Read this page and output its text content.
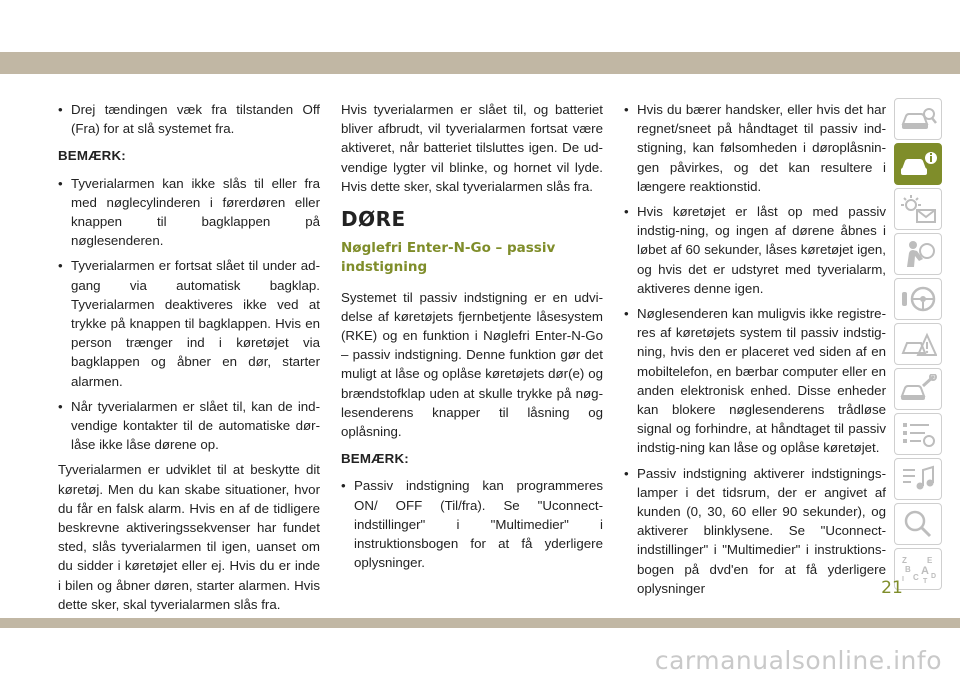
• Drej tændingen væk fra tilstanden Off (Fra) for at slå systemet fra.

BEMÆRK:

• Tyverialarmen kan ikke slås til eller fra med nøglecylinderen i førerdøren eller knappen til bagklappen på nøglesenderen.

• Tyverialarmen er fortsat slået til under ad-gang via automatisk bagklap. Tyverialarmen deaktiveres ikke ved at trykke på knappen til bagklappen. Hvis en person trænger ind i køretøjet via bagklappen og åbner en dør, starter alarmen.

• Når tyverialarmen er slået til, kan de ind-vendige kontakter til de automatiske dør-låse ikke låse dørene op.

Tyverialarmen er udviklet til at beskytte dit køretøj. Men du kan skabe situationer, hvor du får en falsk alarm. Hvis en af de tidligere beskrevne aktiveringssekvenser har fundet sted, slås tyverialarmen til igen, uanset om du sidder i køretøjet eller ej. Hvis du er inde i bilen og åbner døren, starter alarmen. Hvis dette sker, skal tyverialarmen slås fra.

Hvis tyverialarmen er slået til, og batteriet bliver afbrudt, vil tyverialarmen fortsat være aktiveret, når batteriet tilsluttes igen. De ud-vendige lygter vil blinke, og hornet vil lyde. Hvis dette sker, skal tyverialarmen slås fra.

DØRE
Nøglefri Enter-N-Go – passiv indstigning

Systemet til passiv indstigning er en udvi-delse af køretøjets fjernbetjente låsesystem (RKE) og en funktion i Nøglefri Enter-N-Go – passiv indstigning. Denne funktion gør det muligt at låse og oplåse køretøjets dør(e) og brændstofklap uden at skulle trykke på nøg-lesenderens knapper til låsning og oplåsning.

BEMÆRK:

• Passiv indstigning kan programmeres ON/ OFF (Til/fra). Se "Uconnect-indstillinger" i "Multimedier" i instruktionsbogen for at få yderligere oplysninger.

• Hvis du bærer handsker, eller hvis det har regnet/sneet på håndtaget til passiv ind-stigning, kan følsomheden i døroplåsnin-gen påvirkes, og det kan resultere i længere reaktionstid.

• Hvis køretøjet er låst op med passiv indstig-ning, og ingen af dørene åbnes i løbet af 60 sekunder, låses køretøjet igen, og hvis det er udstyret med tyverialarm, aktiveres denne igen.

• Nøglesenderen kan muligvis ikke registre-res af køretøjets system til passiv indstig-ning, hvis den er placeret ved siden af en mobiltelefon, en bærbar computer eller en anden elektronisk enhed. Disse enheder kan blokere nøglesenderens trådløse signal og forhindre, at håndtaget til passiv indstig-ning kan låse og oplåse køretøjet.

• Passiv indstigning aktiverer indstignings-lamper i det tidsrum, der er angivet af kunden (0, 30, 60 eller 90 sekunder), og aktiverer blinklysene. Se "Uconnect-indstillinger" i "Multimedier" i instruktions-bogen på dvd'en for at få yderligere oplysninger

Z	E
B A
C D
T
I
21
carmanualsonline.info
